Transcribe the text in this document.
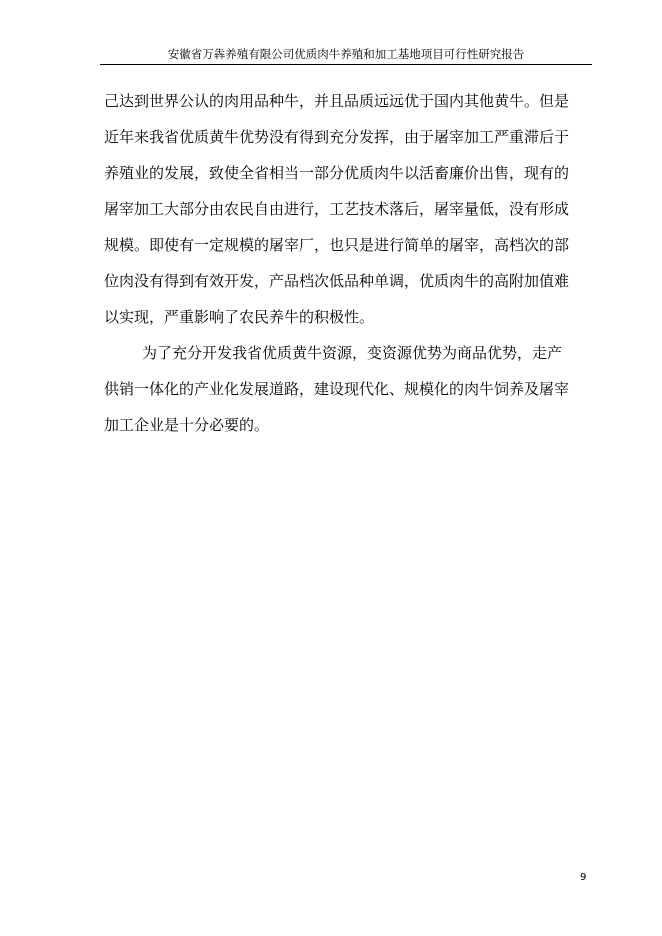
安徽省万犇养殖有限公司优质肉牛养殖和加工基地项目可行性研究报告
己达到世界公认的肉用品种牛，并且品质远远优于国内其他黄牛。但是
近年来我省优质黄牛优势没有得到充分发挥，由于屠宰加工严重滞后于
养殖业的发展，致使全省相当一部分优质肉牛以活畜廉价出售，现有的
屠宰加工大部分由农民自由进行，工艺技术落后，屠宰量低，没有形成
规模。即使有一定规模的屠宰厂，也只是进行简单的屠宰，高档次的部
位肉没有得到有效开发，产品档次低品种单调，优质肉牛的高附加值难
以实现，严重影响了农民养牛的积极性。
为了充分开发我省优质黄牛资源，变资源优势为商品优势，走产
供销一体化的产业化发展道路，建设现代化、规模化的肉牛饲养及屠宰
加工企业是十分必要的。
9
